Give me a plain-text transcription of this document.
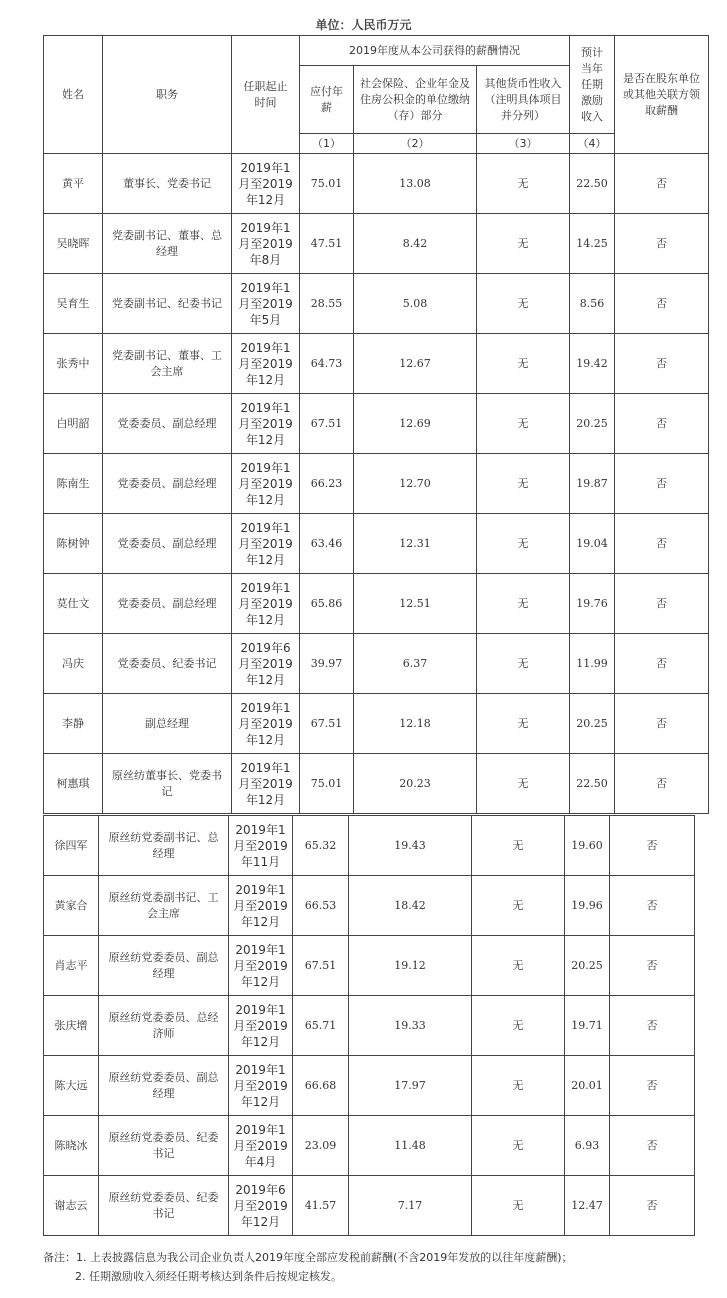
单位：人民币万元
姓名	职务	任职起止时间	2019年度从本公司获得的薪酬情况			预计当年任期激励收入	是否在股东单位或其他关联方领取薪酬
			应付年薪	社会保险、企业年金及住房公积金的单位缴纳（存）部分	其他货币性收入（注明具体项目并分列）		
			（1）	（2）	（3）	（4）	
黄平	董事长、党委书记	2019年1月至2019年12月	75.01	13.08	无	22.50	否
吴晓晖	党委副书记、董事、总经理	2019年1月至2019年8月	47.51	8.42	无	14.25	否
吴育生	党委副书记、纪委书记	2019年1月至2019年5月	28.55	5.08	无	8.56	否
张秀中	党委副书记、董事、工会主席	2019年1月至2019年12月	64.73	12.67	无	19.42	否
白明韶	党委委员、副总经理	2019年1月至2019年12月	67.51	12.69	无	20.25	否
陈南生	党委委员、副总经理	2019年1月至2019年12月	66.23	12.70	无	19.87	否
陈树钟	党委委员、副总经理	2019年1月至2019年12月	63.46	12.31	无	19.04	否
莫仕文	党委委员、副总经理	2019年1月至2019年12月	65.86	12.51	无	19.76	否
冯庆	党委委员、纪委书记	2019年6月至2019年12月	39.97	6.37	无	11.99	否
李静	副总经理	2019年1月至2019年12月	67.51	12.18	无	20.25	否
柯惠琪	原丝纺董事长、党委书记	2019年1月至2019年12月	75.01	20.23	无	22.50	否
徐四军	原丝纺党委副书记、总经理	2019年1月至2019年11月	65.32	19.43	无	19.60	否
黄家合	原丝纺党委副书记、工会主席	2019年1月至2019年12月	66.53	18.42	无	19.96	否
肖志平	原丝纺党委委员、副总经理	2019年1月至2019年12月	67.51	19.12	无	20.25	否
张庆增	原丝纺党委委员、总经济师	2019年1月至2019年12月	65.71	19.33	无	19.71	否
陈大远	原丝纺党委委员、副总经理	2019年1月至2019年12月	66.68	17.97	无	20.01	否
陈晓冰	原丝纺党委委员、纪委书记	2019年1月至2019年4月	23.09	11.48	无	6.93	否
谢志云	原丝纺党委委员、纪委书记	2019年6月至2019年12月	41.57	7.17	无	12.47	否
备注：1. 上表披露信息为我公司企业负责人2019年度全部应发税前薪酬(不含2019年发放的以往年度薪酬)；
2. 任期激励收入须经任期考核达到条件后按规定核发。
